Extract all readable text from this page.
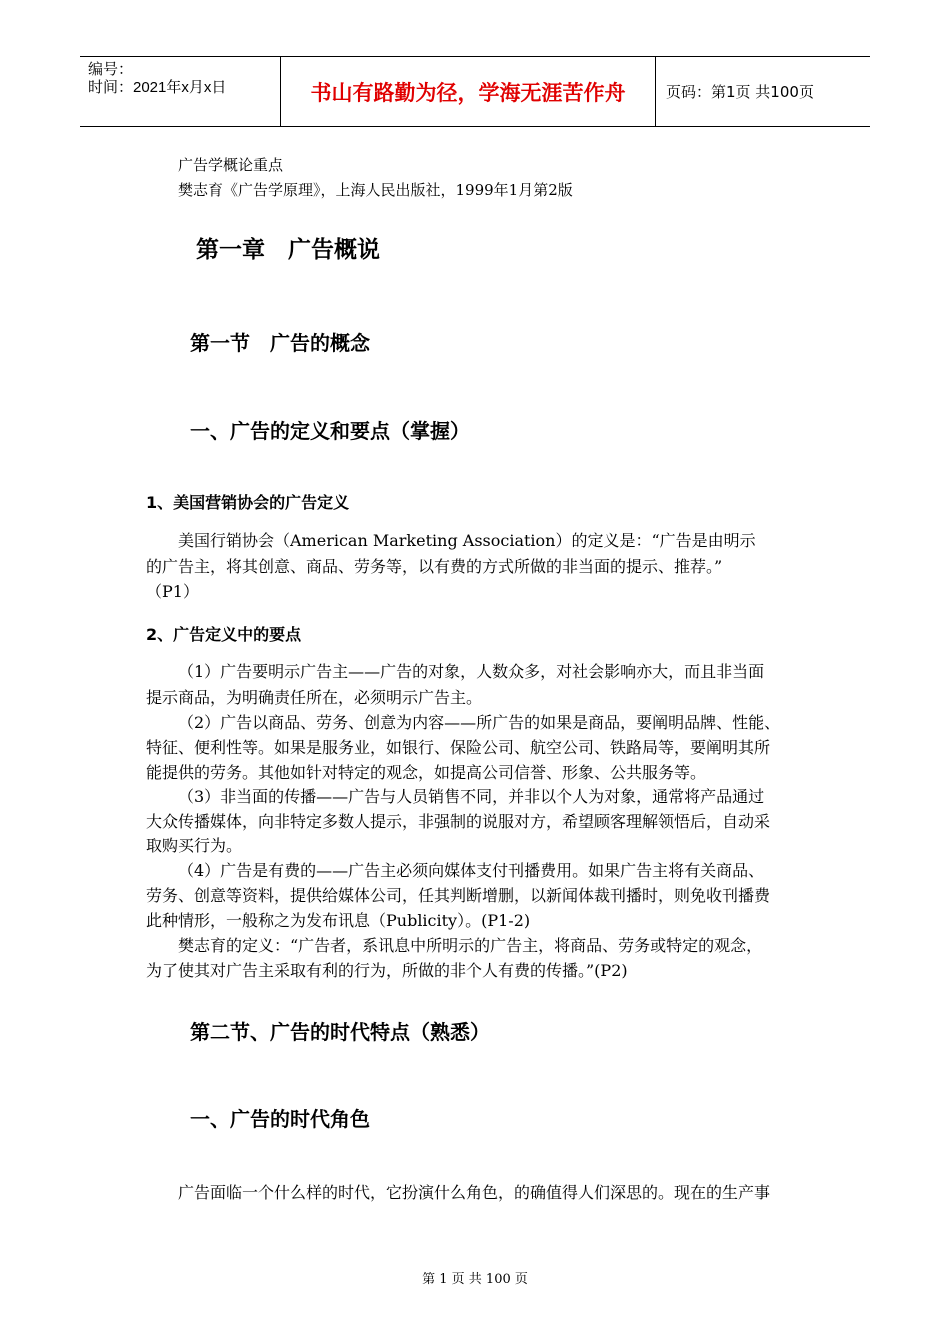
编号：
时间：2021年x月x日	书山有路勤为径，学海无涯苦作舟	页码：第1页 共100页
广告学概论重点
樊志育《广告学原理》，上海人民出版社，1999年1月第2版
第一章　广告概说
第一节　广告的概念
一、广告的定义和要点（掌握）
1、美国营销协会的广告定义
美国行销协会（American Marketing Association）的定义是：“广告是由明示
的广告主，将其创意、商品、劳务等，以有费的方式所做的非当面的提示、推荐。”
（P1）
2、广告定义中的要点
（1）广告要明示广告主——广告的对象，人数众多，对社会影响亦大，而且非当面
提示商品，为明确责任所在，必须明示广告主。
（2）广告以商品、劳务、创意为内容——所广告的如果是商品，要阐明品牌、性能、
特征、便利性等。如果是服务业，如银行、保险公司、航空公司、铁路局等，要阐明其所
能提供的劳务。其他如针对特定的观念，如提高公司信誉、形象、公共服务等。
（3）非当面的传播——广告与人员销售不同，并非以个人为对象，通常将产品通过
大众传播媒体，向非特定多数人提示，非强制的说服对方，希望顾客理解领悟后，自动采
取购买行为。
（4）广告是有费的——广告主必须向媒体支付刊播费用。如果广告主将有关商品、
劳务、创意等资料，提供给媒体公司，任其判断增删，以新闻体裁刊播时，则免收刊播费
此种情形，一般称之为发布讯息（Publicity）。(P1-2)
樊志育的定义：“广告者，系讯息中所明示的广告主，将商品、劳务或特定的观念，
为了使其对广告主采取有利的行为，所做的非个人有费的传播。”(P2)
第二节、广告的时代特点（熟悉）
一、广告的时代角色
广告面临一个什么样的时代，它扮演什么角色，的确值得人们深思的。现在的生产事
第 1 页 共 100 页
